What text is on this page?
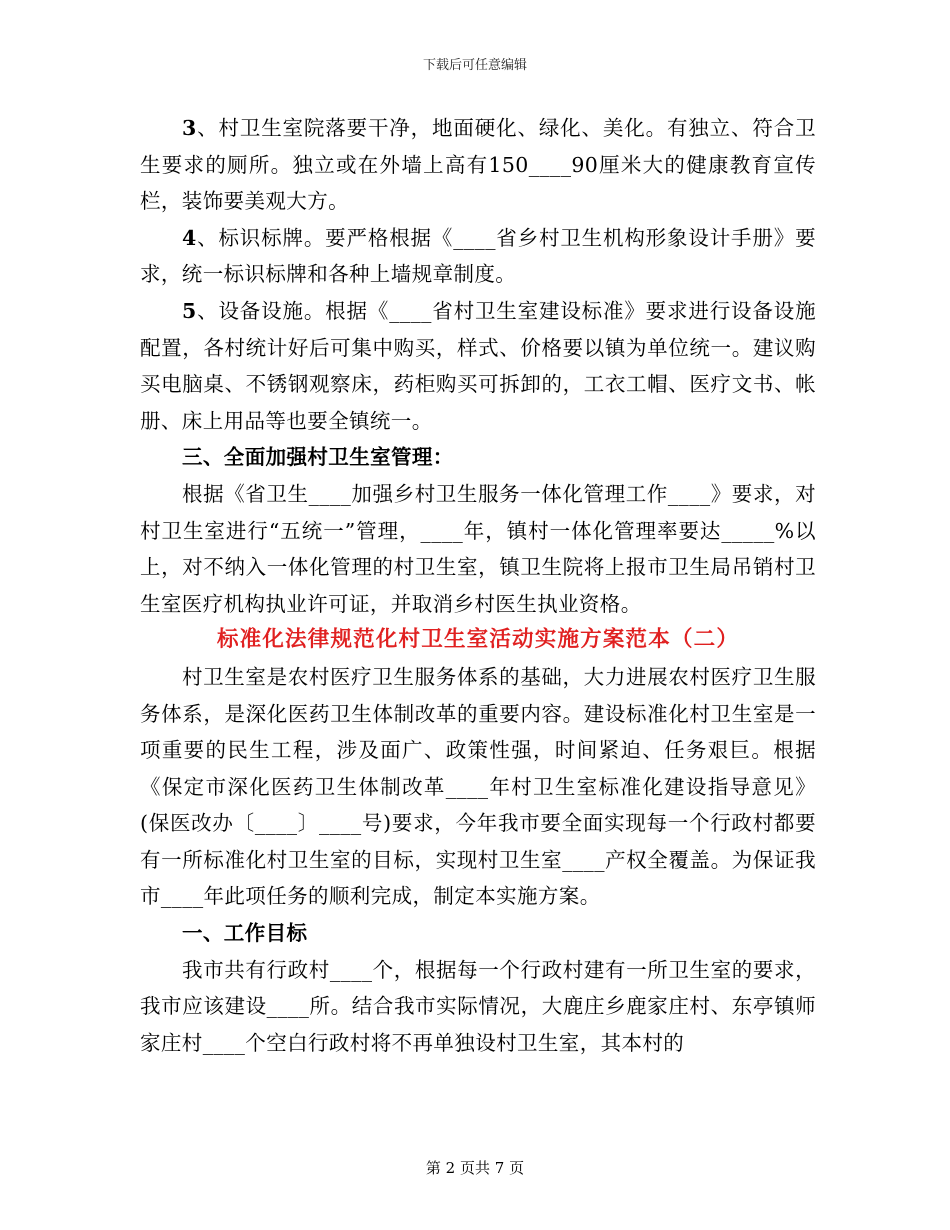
下载后可任意编辑

3、村卫生室院落要干净，地面硬化、绿化、美化。有独立、符合卫生要求的厕所。独立或在外墙上高有150____90厘米大的健康教育宣传栏，装饰要美观大方。

4、标识标牌。要严格根据《____省乡村卫生机构形象设计手册》要求，统一标识标牌和各种上墙规章制度。

5、设备设施。根据《____省村卫生室建设标准》要求进行设备设施配置，各村统计好后可集中购买，样式、价格要以镇为单位统一。建议购买电脑桌、不锈钢观察床，药柜购买可拆卸的，工衣工帽、医疗文书、帐册、床上用品等也要全镇统一。

三、全面加强村卫生室管理：

根据《省卫生____加强乡村卫生服务一体化管理工作____》要求，对村卫生室进行“五统一”管理，____年，镇村一体化管理率要达_____%以上，对不纳入一体化管理的村卫生室，镇卫生院将上报市卫生局吊销村卫生室医疗机构执业许可证，并取消乡村医生执业资格。

标准化法律规范化村卫生室活动实施方案范本（二）

村卫生室是农村医疗卫生服务体系的基础，大力进展农村医疗卫生服务体系，是深化医药卫生体制改革的重要内容。建设标准化村卫生室是一项重要的民生工程，涉及面广、政策性强，时间紧迫、任务艰巨。根据《保定市深化医药卫生体制改革____年村卫生室标准化建设指导意见》(保医改办〔____〕____号)要求，今年我市要全面实现每一个行政村都要有一所标准化村卫生室的目标，实现村卫生室____产权全覆盖。为保证我市____年此项任务的顺利完成，制定本实施方案。

一、工作目标

我市共有行政村____个，根据每一个行政村建有一所卫生室的要求，我市应该建设____所。结合我市实际情况，大鹿庄乡鹿家庄村、东亭镇师家庄村____个空白行政村将不再单独设村卫生室，其本村的

第 2 页共 7 页
